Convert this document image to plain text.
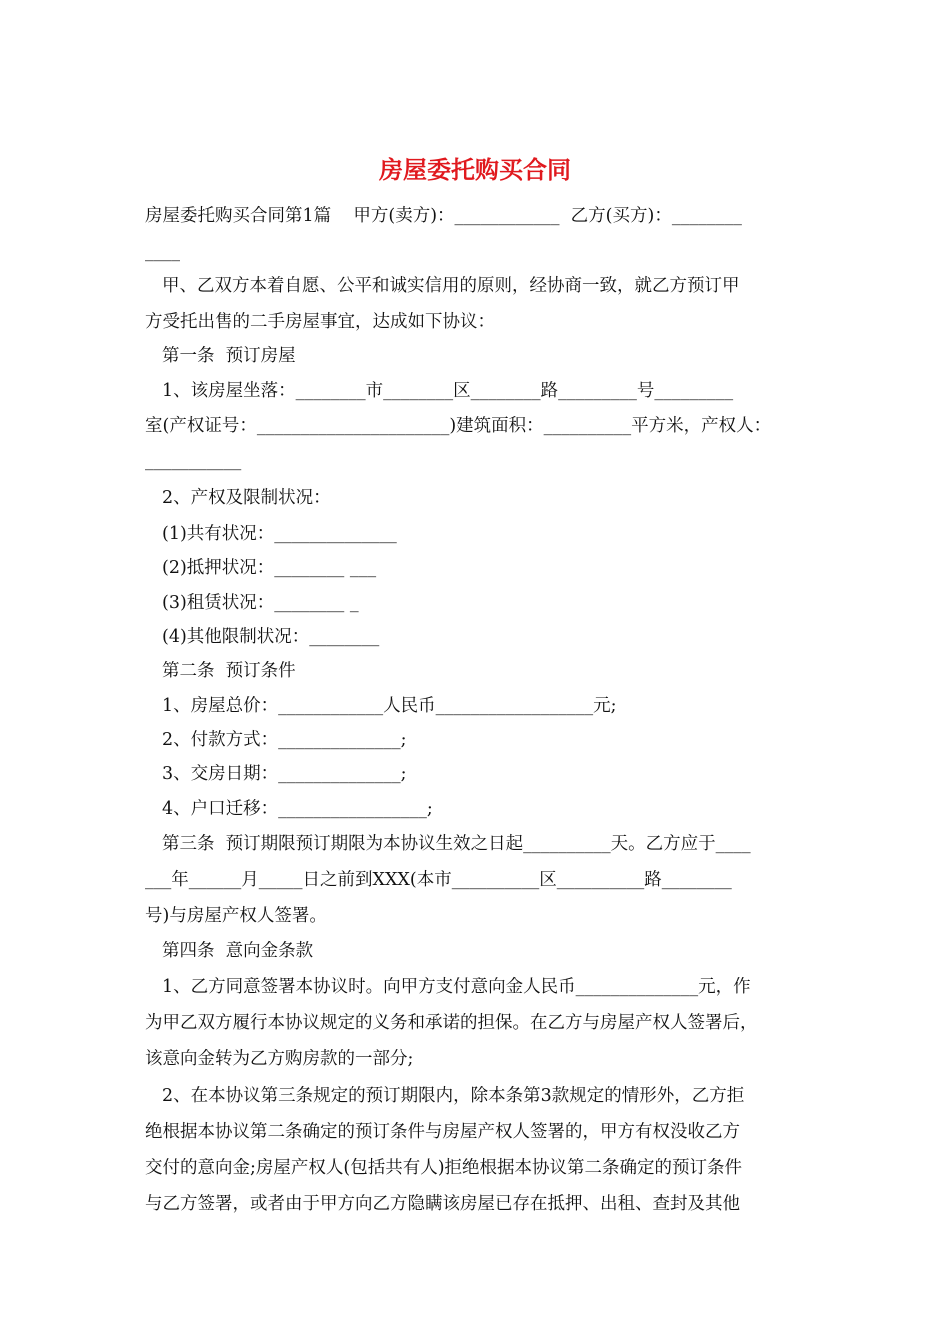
房屋委托购买合同
房屋委托购买合同第1篇    甲方(卖方)：____________  乙方(买方)：________
____
甲、乙双方本着自愿、公平和诚实信用的原则，经协商一致，就乙方预订甲
方受托出售的二手房屋事宜，达成如下协议：
第一条  预订房屋
1、该房屋坐落：________市________区________路_________号_________
室(产权证号：______________________)建筑面积：__________平方米，产权人：
___________
2、产权及限制状况：
(1)共有状况：______________
(2)抵押状况：________ ___
(3)租赁状况：________ _
(4)其他限制状况：________
第二条  预订条件
1、房屋总价：____________人民币__________________元;
2、付款方式：______________;
3、交房日期：______________;
4、户口迁移：_________________;
第三条  预订期限预订期限为本协议生效之日起__________天。乙方应于____
___年______月_____日之前到XXX(本市__________区__________路________
号)与房屋产权人签署。
第四条  意向金条款
1、乙方同意签署本协议时。向甲方支付意向金人民币______________元，作
为甲乙双方履行本协议规定的义务和承诺的担保。在乙方与房屋产权人签署后，
该意向金转为乙方购房款的一部分;
2、在本协议第三条规定的预订期限内，除本条第3款规定的情形外，乙方拒
绝根据本协议第二条确定的预订条件与房屋产权人签署的，甲方有权没收乙方
交付的意向金;房屋产权人(包括共有人)拒绝根据本协议第二条确定的预订条件
与乙方签署，或者由于甲方向乙方隐瞒该房屋已存在抵押、出租、查封及其他
